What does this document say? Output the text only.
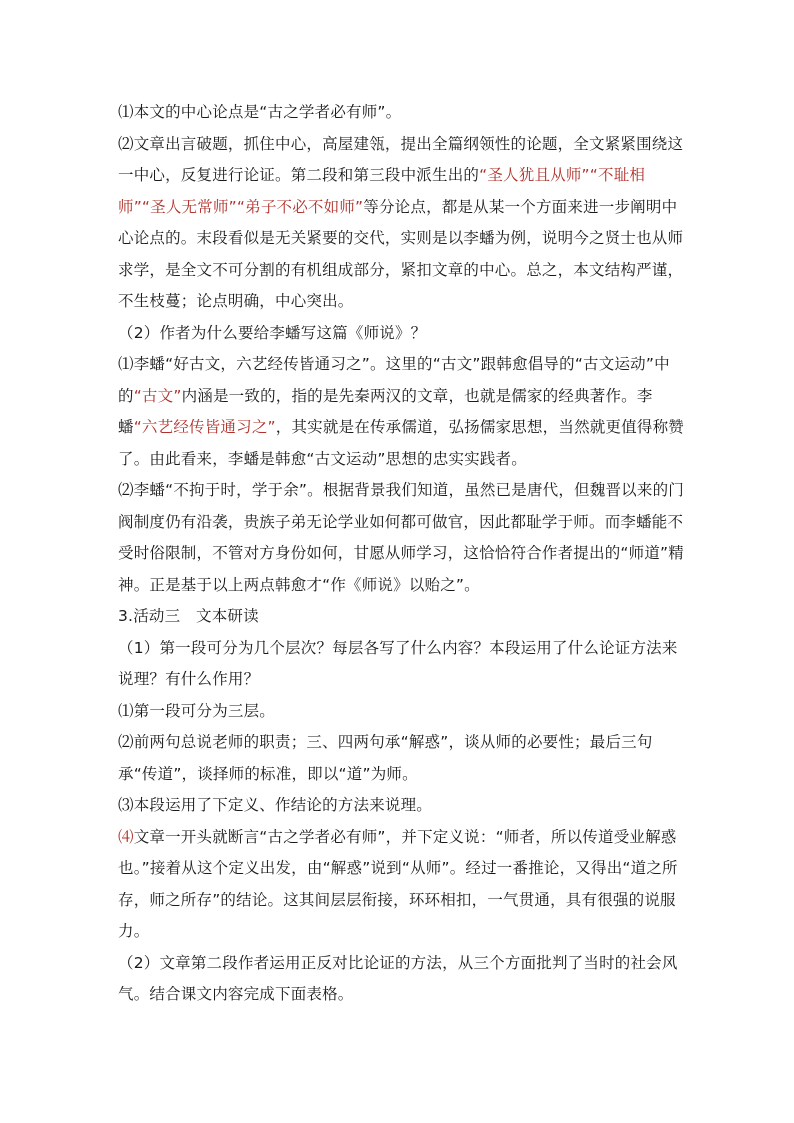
⑴本文的中心论点是“古之学者必有师”。

⑵文章出言破题，抓住中心，高屋建瓴，提出全篇纲领性的论题，全文紧紧围绕这一中心，反复进行论证。第二段和第三段中派生出的“圣人犹且从师”“不耻相师”“圣人无常师”“弟子不必不如师”等分论点，都是从某一个方面来进一步阐明中心论点的。末段看似是无关紧要的交代，实则是以李蟠为例，说明今之贤士也从师求学，是全文不可分割的有机组成部分，紧扣文章的中心。总之，本文结构严谨，不生枝蔓；论点明确，中心突出。

（2）作者为什么要给李蟠写这篇《师说》？

⑴李蟠“好古文，六艺经传皆通习之”。这里的“古文”跟韩愈倡导的“古文运动”中的“古文”内涵是一致的，指的是先秦两汉的文章，也就是儒家的经典著作。李蟠“六艺经传皆通习之”，其实就是在传承儒道，弘扬儒家思想，当然就更值得称赞了。由此看来，李蟠是韩愈“古文运动”思想的忠实实践者。

⑵李蟠“不拘于时，学于余”。根据背景我们知道，虽然已是唐代，但魏晋以来的门阀制度仍有沿袭，贵族子弟无论学业如何都可做官，因此都耻学于师。而李蟠能不受时俗限制，不管对方身份如何，甘愿从师学习，这恰恰符合作者提出的“师道”精神。正是基于以上两点韩愈才“作《师说》以贻之”。

3.活动三　文本研读

（1）第一段可分为几个层次？每层各写了什么内容？本段运用了什么论证方法来说理？有什么作用？

⑴第一段可分为三层。

⑵前两句总说老师的职责；三、四两句承“解惑”，谈从师的必要性；最后三句承“传道”，谈择师的标准，即以“道”为师。

⑶本段运用了下定义、作结论的方法来说理。

⑷文章一开头就断言“古之学者必有师”，并下定义说：“师者，所以传道受业解惑也。”接着从这个定义出发，由“解惑”说到“从师”。经过一番推论，又得出“道之所存，师之所存”的结论。这其间层层衔接，环环相扣，一气贯通，具有很强的说服力。

（2）文章第二段作者运用正反对比论证的方法，从三个方面批判了当时的社会风气。结合课文内容完成下面表格。
